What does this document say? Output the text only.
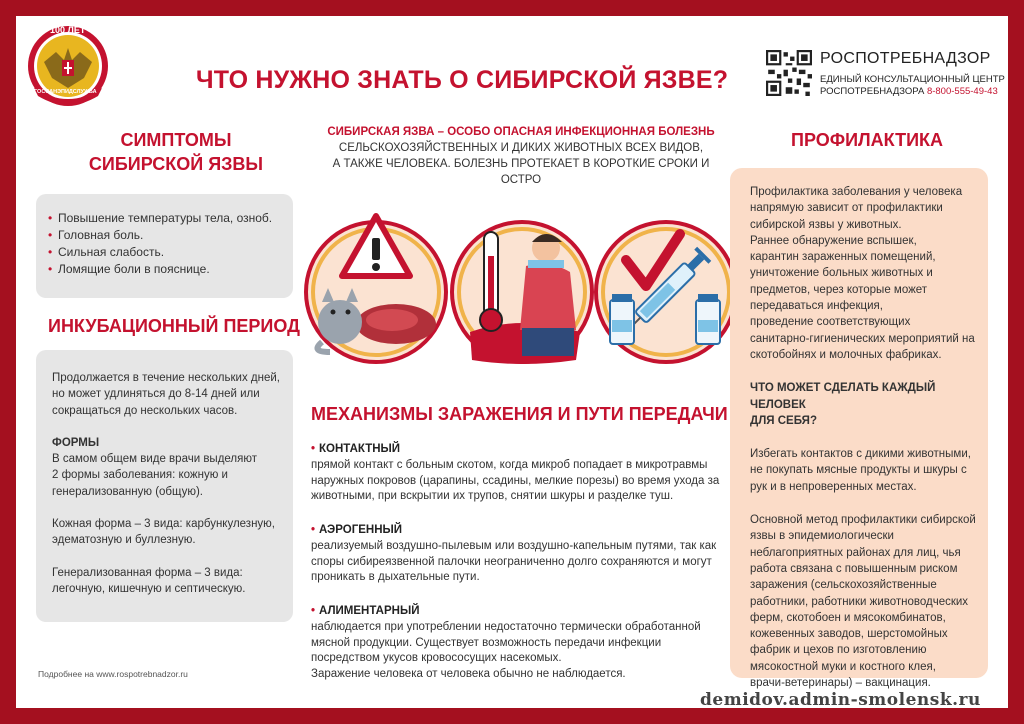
100 ЛЕТ
ГОССАНЭПИДСЛУЖБА	ЧТО НУЖНО ЗНАТЬ О СИБИРСКОЙ ЯЗВЕ?
РОСПОТРЕБНАДЗОР
ЕДИНЫЙ КОНСУЛЬТАЦИОННЫЙ ЦЕНТР
РОСПОТРЕБНАДЗОРА 8-800-555-49-43
СИМПТОМЫ
СИБИРСКОЙ ЯЗВЫ
• Повышение температуры тела, озноб.
• Головная боль.
• Сильная слабость.
• Ломящие боли в пояснице.
ИНКУБАЦИОННЫЙ ПЕРИОД
Продолжается в течение нескольких дней,
но может удлиняться до 8-14 дней или
сокращаться до нескольких часов.
ФОРМЫ
В самом общем виде врачи выделяют
2 формы заболевания: кожную и
генерализованную (общую).
Кожная форма – 3 вида: карбункулезную,
эдематозную и буллезную.
Генерализованная форма – 3 вида:
легочную, кишечную и септическую.
СИБИРСКАЯ ЯЗВА – ОСОБО ОПАСНАЯ ИНФЕКЦИОННАЯ БОЛЕЗНЬ
СЕЛЬСКОХОЗЯЙСТВЕННЫХ И ДИКИХ ЖИВОТНЫХ ВСЕХ ВИДОВ,
А ТАКЖЕ ЧЕЛОВЕКА. БОЛЕЗНЬ ПРОТЕКАЕТ В КОРОТКИЕ СРОКИ И ОСТРО
МЕХАНИЗМЫ ЗАРАЖЕНИЯ И ПУТИ ПЕРЕДАЧИ
• КОНТАКТНЫЙ
прямой контакт с больным скотом, когда микроб попадает в микротравмы
наружных покровов (царапины, ссадины, мелкие порезы) во время ухода за
животными, при вскрытии их трупов, снятии шкуры и разделке туш.
• АЭРОГЕННЫЙ
реализуемый воздушно-пылевым или воздушно-капельным путями, так как
споры сибиреязвенной палочки неограниченно долго сохраняются и могут
проникать в дыхательные пути.
• АЛИМЕНТАРНЫЙ
наблюдается при употреблении недостаточно термически обработанной
мясной продукции. Существует возможность передачи инфекции
посредством укусов кровососущих насекомых.
Заражение человека от человека обычно не наблюдается.
ПРОФИЛАКТИКА
Профилактика заболевания у человека
напрямую зависит от профилактики
сибирской язвы у животных.
Раннее обнаружение вспышек,
карантин зараженных помещений,
уничтожение больных животных и
предметов, через которые может
передаваться инфекция,
проведение соответствующих
санитарно-гигиенических мероприятий на
скотобойнях и молочных фабриках.
ЧТО МОЖЕТ СДЕЛАТЬ КАЖДЫЙ ЧЕЛОВЕК
ДЛЯ СЕБЯ?
Избегать контактов с дикими животными,
не покупать мясные продукты и шкуры с
рук и в непроверенных местах.
Основной метод профилактики сибирской
язвы в эпидемиологически
неблагоприятных районах для лиц, чья
работа связана с повышенным риском
заражения (сельскохозяйственные
работники, работники животноводческих
ферм, скотобоен и мясокомбинатов,
кожевенных заводов, шерстомойных
фабрик и цехов по изготовлению
мясокостной муки и костного клея,
врачи-ветеринары) – вакцинация.
Подробнее на www.rospotrebnadzor.ru
demidov.admin-smolensk.ru
